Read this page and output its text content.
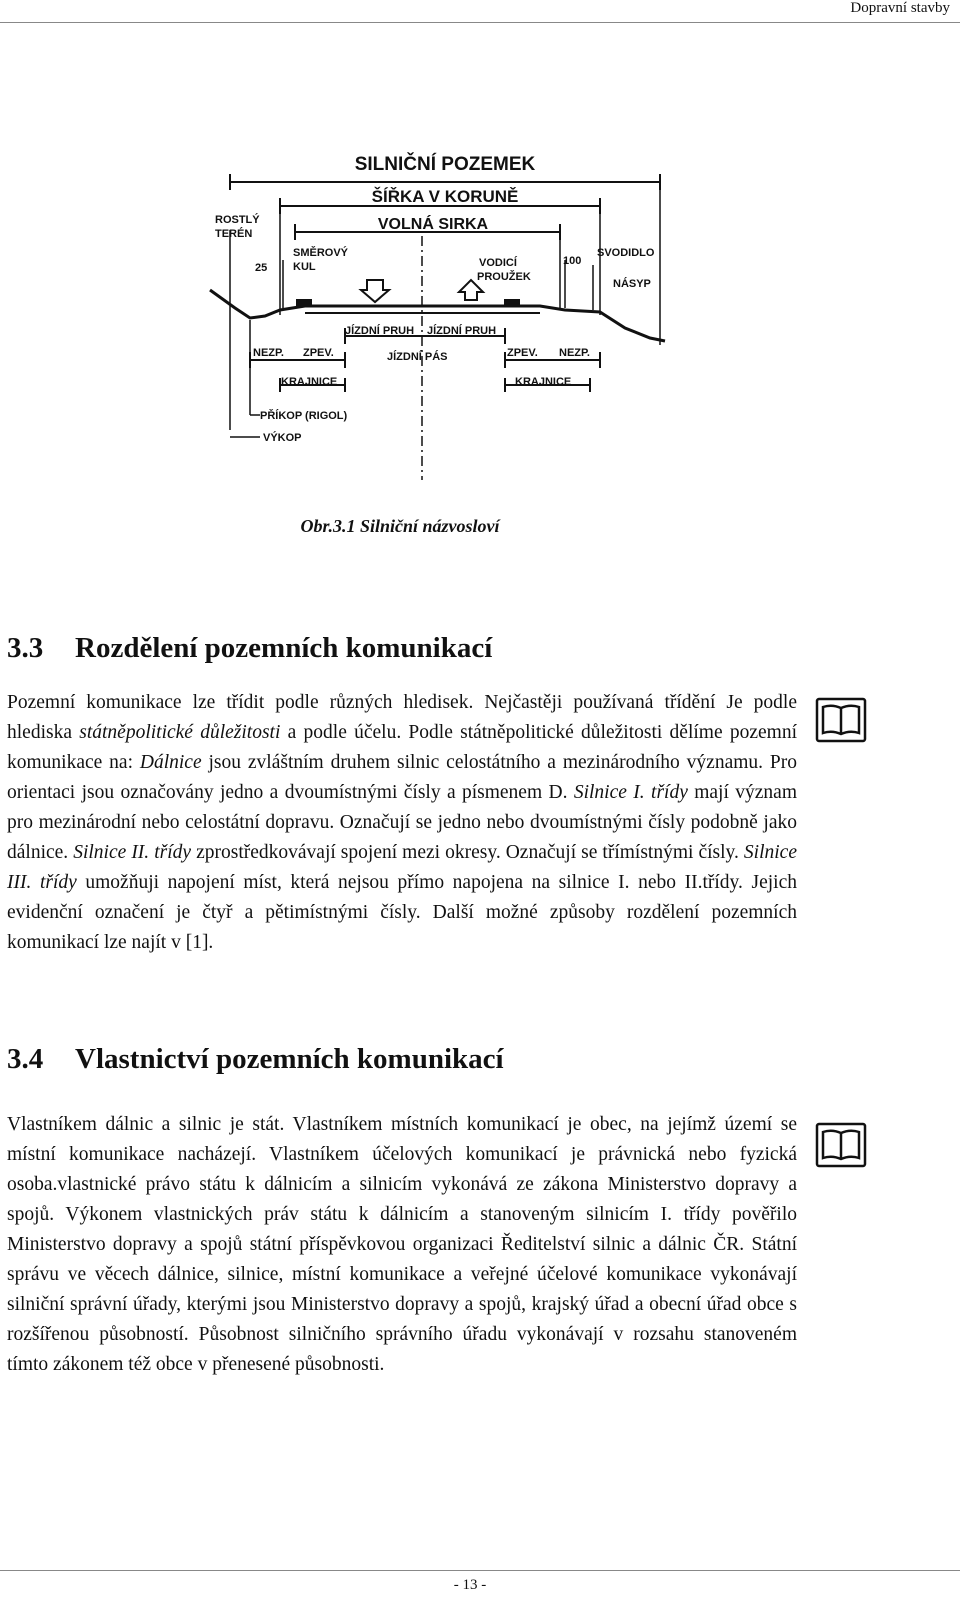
Dopravní stavby
SILNIČNÍ POZEMEK
ŠÍŘKA V KORUNĚ
VOLNÁ SIRKA
ROSTLÝ
TERÉN
25
SMĚROVÝ
KUL	VODICÍ
PROUŽEK
100
SVODIDLO
NÁSYP
JÍZDNÍ PRUH JÍZDNÍ PRUH
NEZP. ZPEV.	JÍZDNÍ PÁS	ZPEV. NEZP.
KRAJNICE	KRAJNICE
PŘÍKOP (RIGOL)
VÝKOP
Obr.3.1 Silniční názvosloví
3.3 Rozdělení pozemních komunikací

Pozemní komunikace lze třídit podle různých hledisek. Nejčastěji používaná třídění Je podle hlediska státněpolitické důležitosti a podle účelu. Podle státněpolitické důležitosti dělíme pozemní komunikace na: Dálnice jsou zvláštním druhem silnic celostátního a mezinárodního významu. Pro orientaci jsou označovány jedno a dvoumístnými čísly a písmenem D. Silnice I. třídy mají význam pro mezinárodní nebo celostátní dopravu. Označují se jedno nebo dvoumístnými čísly podobně jako dálnice. Silnice II. třídy zprostředkovávají spojení mezi okresy. Označují se třímístnými čísly. Silnice III. třídy umožňuji napojení míst, která nejsou přímo napojena na silnice I. nebo II.třídy. Jejich evidenční označení je čtyř a pětimístnými čísly. Další možné způsoby rozdělení pozemních komunikací lze najít v [1].

3.4 Vlastnictví pozemních komunikací

Vlastníkem dálnic a silnic je stát. Vlastníkem místních komunikací je obec, na jejímž území se místní komunikace nacházejí. Vlastníkem účelových komunikací je právnická nebo fyzická osoba.vlastnické právo státu k dálnicím a silnicím vykonává ze zákona Ministerstvo dopravy a spojů. Výkonem vlastnických práv státu k dálnicím a stanoveným silnicím I. třídy pověřilo Ministerstvo dopravy a spojů státní příspěvkovou organizaci Ředitelství silnic a dálnic ČR. Státní správu ve věcech dálnice, silnice, místní komunikace a veřejné účelové komunikace vykonávají silniční správní úřady, kterými jsou Ministerstvo dopravy a spojů, krajský úřad a obecní úřad obce s rozšířenou působností. Působnost silničního správního úřadu vykonávají v rozsahu stanoveném tímto zákonem též obce v přenesené působnosti.

- 13 -
